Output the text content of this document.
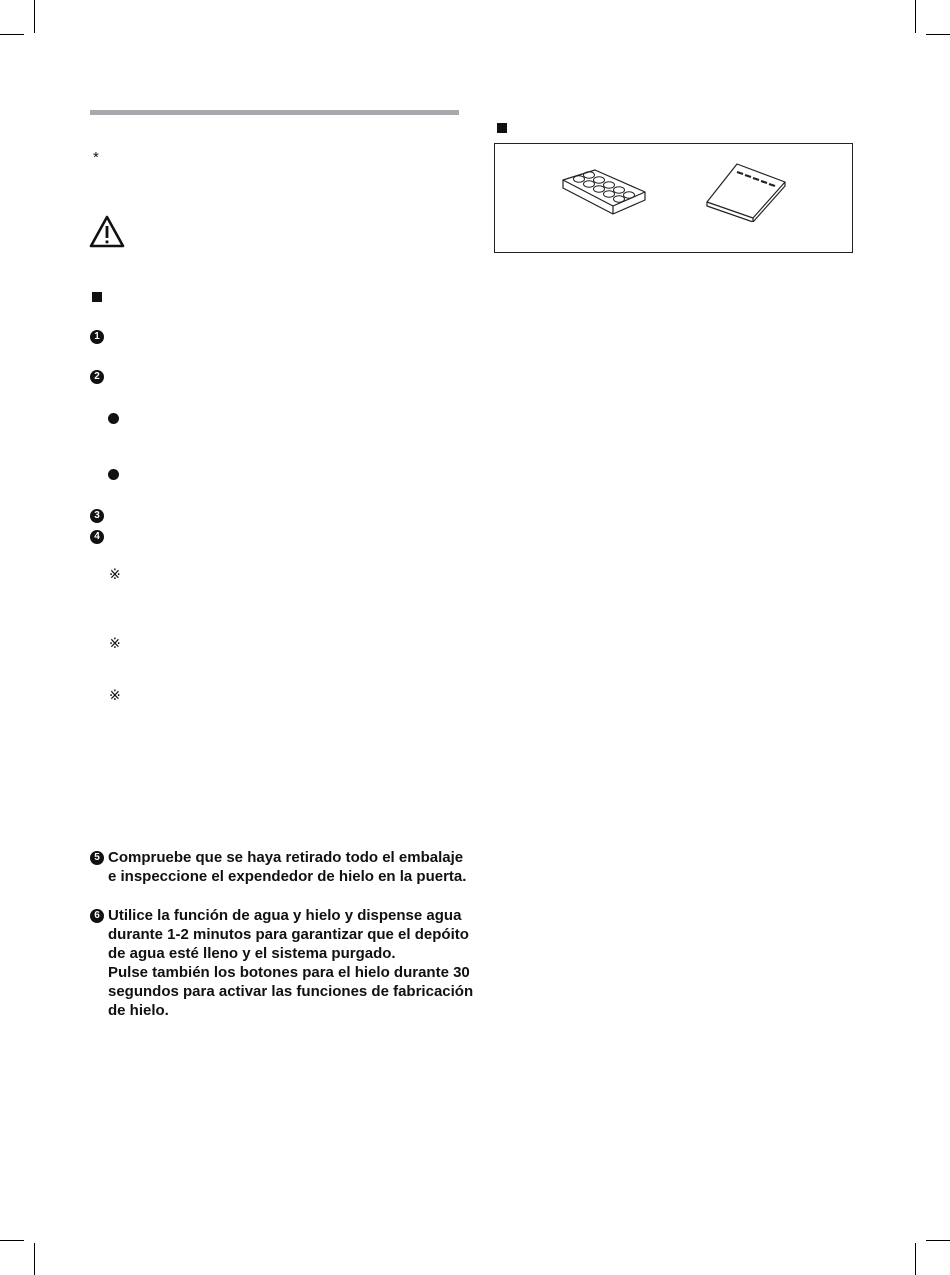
*
1
2
3
4
※
※
※
5 Compruebe que se haya retirado todo el embalaje
e inspeccione el expendedor de hielo en la puerta.
6 Utilice la función de agua y hielo y dispense agua
durante 1-2 minutos para garantizar que el depóito
de agua esté lleno y el sistema purgado.
Pulse también los botones para el hielo durante 30
segundos para activar las funciones de fabricación
de hielo.
